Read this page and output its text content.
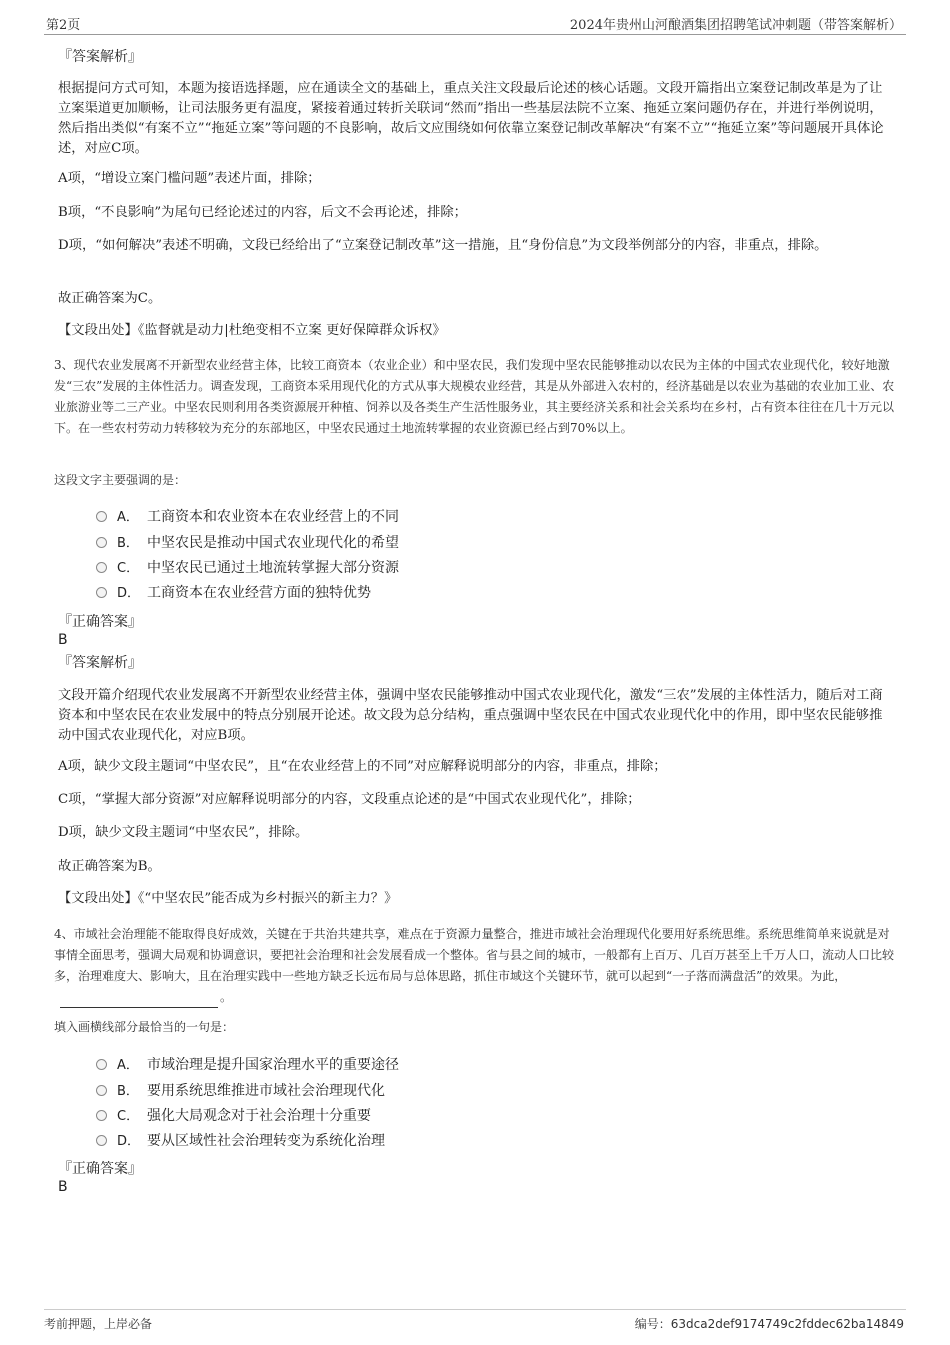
第2页	2024年贵州山河酿酒集团招聘笔试冲刺题（带答案解析）
『答案解析』

根据提问方式可知，本题为接语选择题，应在通读全文的基础上，重点关注文段最后论述的核心话题。文段开篇指出立案登记制改革是为了让立案渠道更加顺畅，让司法服务更有温度，紧接着通过转折关联词“然而”指出一些基层法院不立案、拖延立案问题仍存在，并进行举例说明，然后指出类似“有案不立”“拖延立案”等问题的不良影响，故后文应围绕如何依靠立案登记制改革解决“有案不立”“拖延立案”等问题展开具体论述，对应C项。

A项，“增设立案门槛问题”表述片面，排除；

B项，“不良影响”为尾句已经论述过的内容，后文不会再论述，排除；

D项，“如何解决”表述不明确，文段已经给出了“立案登记制改革”这一措施，且“身份信息”为文段举例部分的内容，非重点，排除。

故正确答案为C。

【文段出处】《监督就是动力|杜绝变相不立案 更好保障群众诉权》

3、现代农业发展离不开新型农业经营主体，比较工商资本（农业企业）和中坚农民，我们发现中坚农民能够推动以农民为主体的中国式农业现代化，较好地激发“三农”发展的主体性活力。调查发现，工商资本采用现代化的方式从事大规模农业经营，其是从外部进入农村的，经济基础是以农业为基础的农业加工业、农业旅游业等二三产业。中坚农民则利用各类资源展开种植、饲养以及各类生产生活性服务业，其主要经济关系和社会关系均在乡村，占有资本往往在几十万元以下。在一些农村劳动力转移较为充分的东部地区，中坚农民通过土地流转掌握的农业资源已经占到70%以上。

这段文字主要强调的是：

A． 工商资本和农业资本在农业经营上的不同
B． 中坚农民是推动中国式农业现代化的希望
C． 中坚农民已通过土地流转掌握大部分资源
D． 工商资本在农业经营方面的独特优势
『正确答案』
B
『答案解析』

文段开篇介绍现代农业发展离不开新型农业经营主体，强调中坚农民能够推动中国式农业现代化，激发“三农”发展的主体性活力，随后对工商资本和中坚农民在农业发展中的特点分别展开论述。故文段为总分结构，重点强调中坚农民在中国式农业现代化中的作用，即中坚农民能够推动中国式农业现代化，对应B项。

A项，缺少文段主题词“中坚农民”，且“在农业经营上的不同”对应解释说明部分的内容，非重点，排除；

C项，“掌握大部分资源”对应解释说明部分的内容，文段重点论述的是“中国式农业现代化”，排除；

D项，缺少文段主题词“中坚农民”，排除。

故正确答案为B。

【文段出处】《“中坚农民”能否成为乡村振兴的新主力？》

4、市域社会治理能不能取得良好成效，关键在于共治共建共享，难点在于资源力量整合，推进市域社会治理现代化要用好系统思维。系统思维简单来说就是对事情全面思考，强调大局观和协调意识，要把社会治理和社会发展看成一个整体。省与县之间的城市，一般都有上百万、几百万甚至上千万人口，流动人口比较多，治理难度大、影响大，且在治理实践中一些地方缺乏长远布局与总体思路，抓住市域这个关键环节，就可以起到“一子落而满盘活”的效果。为此，。

填入画横线部分最恰当的一句是：

A． 市域治理是提升国家治理水平的重要途径
B． 要用系统思维推进市域社会治理现代化
C． 强化大局观念对于社会治理十分重要
D． 要从区域性社会治理转变为系统化治理
『正确答案』
B
考前押题，上岸必备	编号：63dca2def9174749c2fddec62ba14849
